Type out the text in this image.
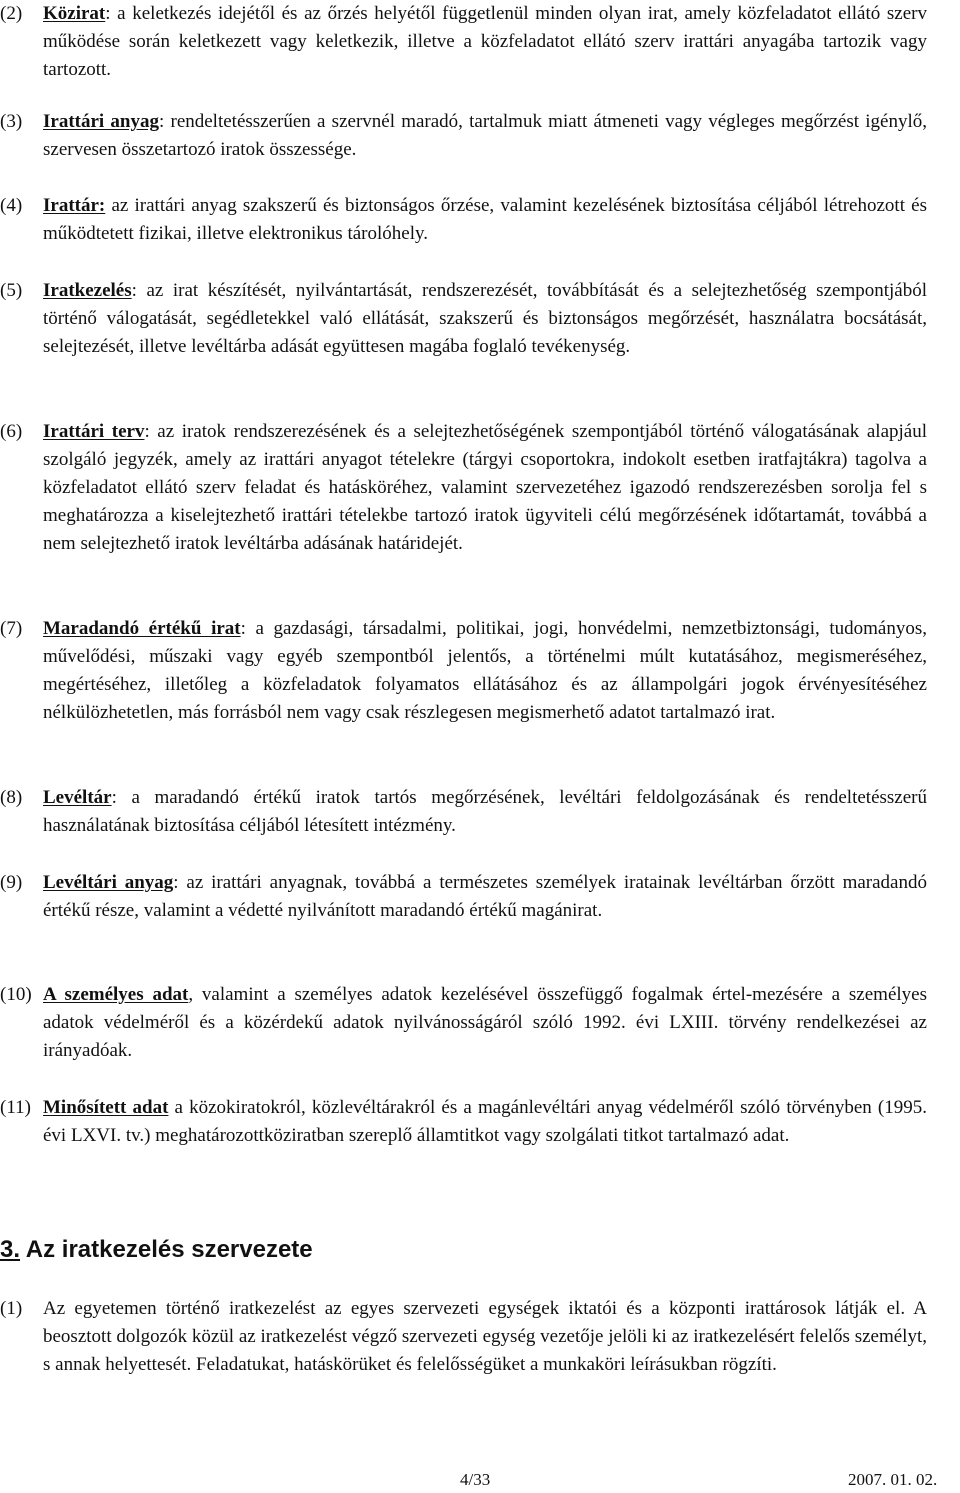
(2) Közirat: a keletkezés idejétől és az őrzés helyétől függetlenül minden olyan irat, amely közfeladatot ellátó szerv működése során keletkezett vagy keletkezik, illetve a közfeladatot ellátó szerv irattári anyagába tartozik vagy tartozott.
(3) Irattári anyag: rendeltetésszerűen a szervnél maradó, tartalmuk miatt átmeneti vagy végleges megőrzést igénylő, szervesen összetartozó iratok összessége.
(4) Irattár: az irattári anyag szakszerű és biztonságos őrzése, valamint kezelésének biztosítása céljából létrehozott és működtetett fizikai, illetve elektronikus tárolóhely.
(5) Iratkezelés: az irat készítését, nyilvántartását, rendszerezését, továbbítását és a selejtezhetőség szempontjából történő válogatását, segédletekkel való ellátását, szakszerű és biztonságos megőrzését, használatra bocsátását, selejtezését, illetve levéltárba adását együttesen magába foglaló tevékenység.
(6) Irattári terv: az iratok rendszerezésének és a selejtezhetőségének szempontjából történő válogatásának alapjául szolgáló jegyzék, amely az irattári anyagot tételekre (tárgyi csoportokra, indokolt esetben iratfajtákra) tagolva a közfeladatot ellátó szerv feladat és hatásköréhez, valamint szervezetéhez igazodó rendszerezésben sorolja fel s meghatározza a kiselejtezhető irattári tételekbe tartozó iratok ügyviteli célú megőrzésének időtartamát, továbbá a nem selejtezhető iratok levéltárba adásának határidejét.
(7) Maradandó értékű irat: a gazdasági, társadalmi, politikai, jogi, honvédelmi, nemzetbiztonsági, tudományos, művelődési, műszaki vagy egyéb szempontból jelentős, a történelmi múlt kutatásához, megismeréséhez, megértéséhez, illetőleg a közfeladatok folyamatos ellátásához és az állampolgári jogok érvényesítéséhez nélkülözhetetlen, más forrásból nem vagy csak részlegesen megismerhető adatot tartalmazó irat.
(8) Levéltár: a maradandó értékű iratok tartós megőrzésének, levéltári feldolgozásának és rendeltetésszerű használatának biztosítása céljából létesített intézmény.
(9) Levéltári anyag: az irattári anyagnak, továbbá a természetes személyek iratainak levéltárban őrzött maradandó értékű része, valamint a védetté nyilvánított maradandó értékű magánirat.
(10) A személyes adat, valamint a személyes adatok kezelésével összefüggő fogalmak értel-mezésére a személyes adatok védelméről és a közérdekű adatok nyilvánosságáról szóló 1992. évi LXIII. törvény rendelkezései az irányadóak.
(11) Minősített adat a közokiratokról, közlevéltárakról és a magánlevéltári anyag védelméről szóló törvényben (1995. évi LXVI. tv.) meghatározottköziratban szereplő államtitkot vagy szolgálati titkot tartalmazó adat.
3. Az iratkezelés szervezete
(1) Az egyetemen történő iratkezelést az egyes szervezeti egységek iktatói és a központi irattárosok látják el. A beosztott dolgozók közül az iratkezelést végző szervezeti egység vezetője jelöli ki az iratkezelésért felelős személyt, s annak helyettesét. Feladatukat, hatáskörüket és felelősségüket a munkaköri leírásukban rögzíti.
4/33	2007. 01. 02.
